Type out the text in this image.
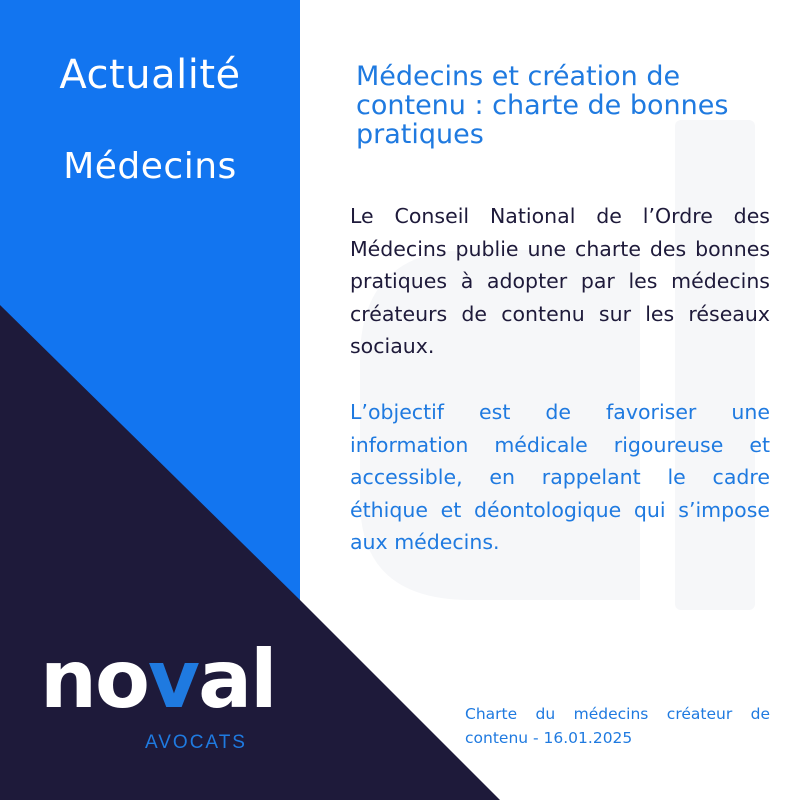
Actualité
Médecins
Médecins et création de contenu : charte de bonnes pratiques
Le Conseil National de l’Ordre des Médecins publie une charte des bonnes pratiques à adopter par les médecins créateurs de contenu sur les réseaux sociaux.
L’objectif est de favoriser une information médicale rigoureuse et accessible, en rappelant le cadre éthique et déontologique qui s’impose aux médecins.
noval
AVOCATS
Charte du médecins créateur de contenu - 16.01.2025
